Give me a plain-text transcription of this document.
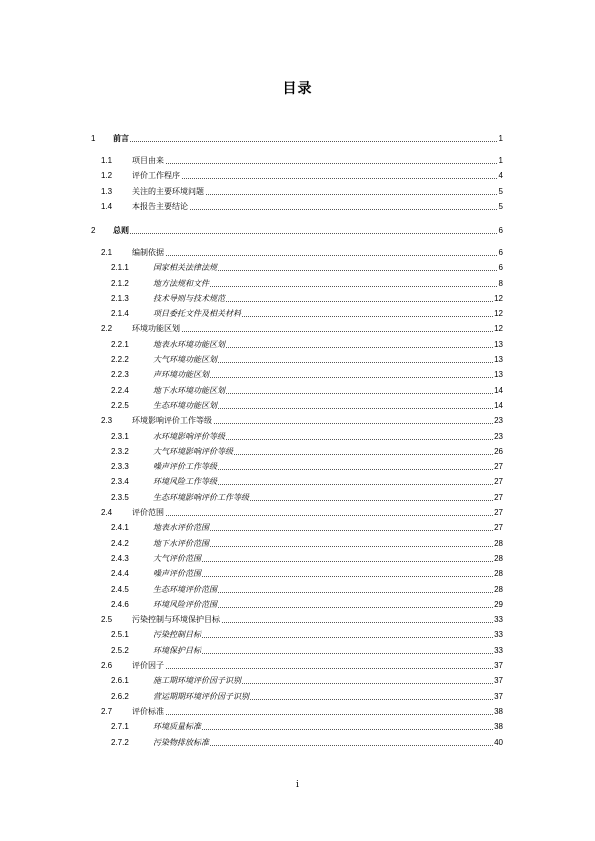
目录
1 前言	1
1.1 项目由来	1
1.2 评价工作程序	4
1.3 关注的主要环境问题	5
1.4 本报告主要结论	5
2 总则	6
2.1 编制依据	6
2.1.1	国家相关法律法规	6
2.1.2	地方法规和文件	8
2.1.3	技术导则与技术规范	12
2.1.4	项目委托文件及相关材料	12
2.2 环境功能区划	12
2.2.1	地表水环境功能区划	13
2.2.2	大气环境功能区划	13
2.2.3	声环境功能区划	13
2.2.4	地下水环境功能区划	14
2.2.5	生态环境功能区划	14
2.3 环境影响评价工作等级	23
2.3.1	水环境影响评价等级	23
2.3.2	大气环境影响评价等级	26
2.3.3	噪声评价工作等级	27
2.3.4	环境风险工作等级	27
2.3.5	生态环境影响评价工作等级	27
2.4 评价范围	27
2.4.1	地表水评价范围	27
2.4.2	地下水评价范围	28
2.4.3	大气评价范围	28
2.4.4	噪声评价范围	28
2.4.5	生态环境评价范围	28
2.4.6	环境风险评价范围	29
2.5 污染控制与环境保护目标	33
2.5.1	污染控制目标	33
2.5.2	环境保护目标	33
2.6 评价因子	37
2.6.1	施工期环境评价因子识别	37
2.6.2	营运期期环境评价因子识别	37
2.7 评价标准	38
2.7.1	环境质量标准	38
2.7.2	污染物排放标准	40
i
